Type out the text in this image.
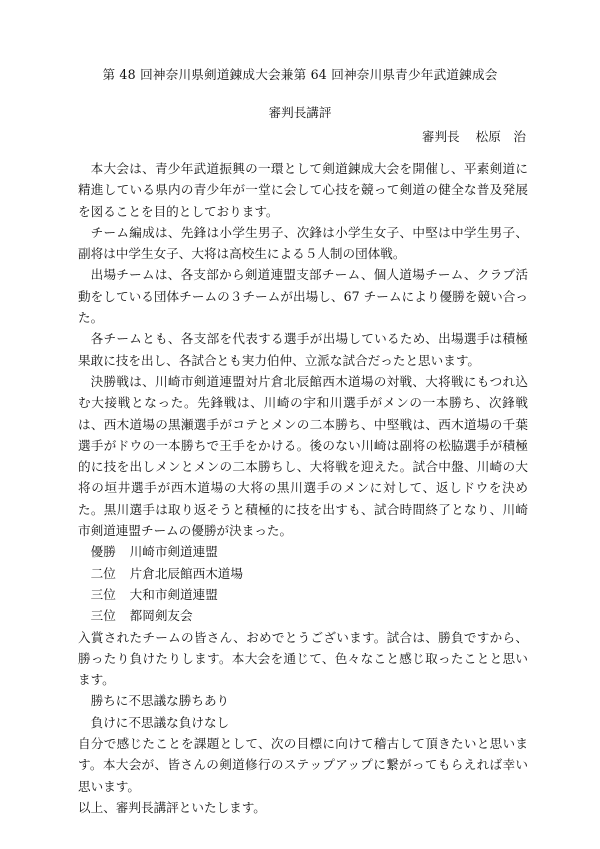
第 48 回神奈川県剣道錬成大会兼第 64 回神奈川県青少年武道錬成会
審判長講評
審判長 松原　治

本大会は、青少年武道振興の一環として剣道錬成大会を開催し、平素剣道に精進している県内の青少年が一堂に会して心技を競って剣道の健全な普及発展を図ることを目的としております。

チーム編成は、先鋒は小学生男子、次鋒は小学生女子、中堅は中学生男子、副将は中学生女子、大将は高校生による５人制の団体戦。

出場チームは、各支部から剣道連盟支部チーム、個人道場チーム、クラブ活動をしている団体チームの３チームが出場し、67 チームにより優勝を競い合った。

各チームとも、各支部を代表する選手が出場しているため、出場選手は積極果敢に技を出し、各試合とも実力伯仲、立派な試合だったと思います。

決勝戦は、川崎市剣道連盟対片倉北辰館西木道場の対戦、大将戦にもつれ込む大接戦となった。先鋒戦は、川崎の宇和川選手がメンの一本勝ち、次鋒戦は、西木道場の黒瀬選手がコテとメンの二本勝ち、中堅戦は、西木道場の千葉選手がドウの一本勝ちで王手をかける。後のない川崎は副将の松脇選手が積極的に技を出しメンとメンの二本勝ちし、大将戦を迎えた。試合中盤、川崎の大将の垣井選手が西木道場の大将の黒川選手のメンに対して、返しドウを決めた。黒川選手は取り返そうと積極的に技を出すも、試合時間終了となり、川崎市剣道連盟チームの優勝が決まった。

優勝 川崎市剣道連盟
二位 片倉北辰館西木道場
三位 大和市剣道連盟
三位 都岡剣友会

入賞されたチームの皆さん、おめでとうございます。試合は、勝負ですから、勝ったり負けたりします。本大会を通じて、色々なこと感じ取ったことと思います。

勝ちに不思議な勝ちあり

負けに不思議な負けなし

自分で感じたことを課題として、次の目標に向けて稽古して頂きたいと思います。本大会が、皆さんの剣道修行のステップアップに繋がってもらえれば幸い思います。

以上、審判長講評といたします。
